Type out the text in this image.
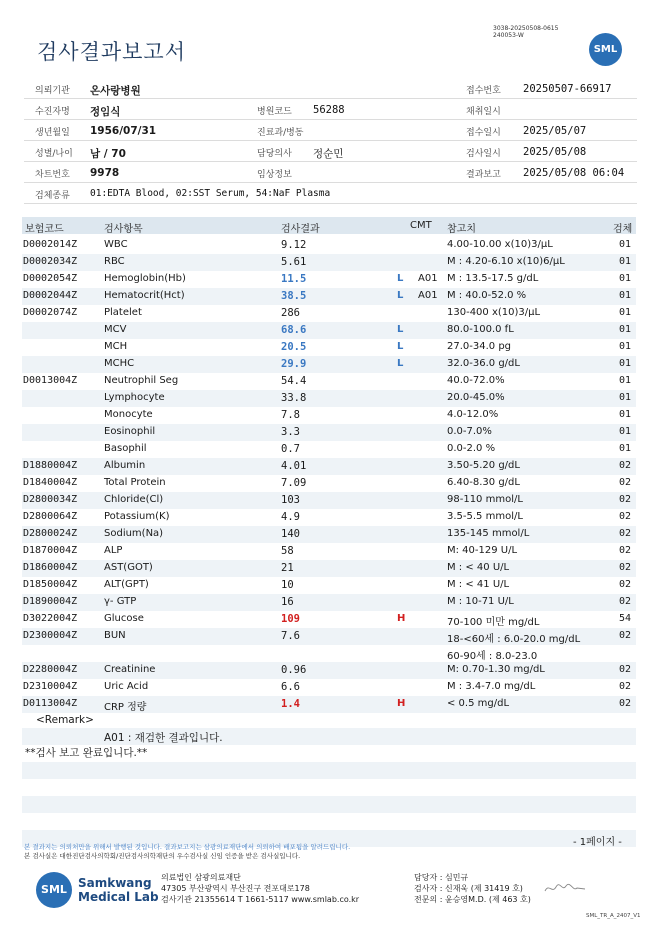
검사결과보고서
3038-20250508-0615
240053-W
SML
의뢰기관 온사랑병원	접수번호 20250507-66917
수진자명 정임식	병원코드 56288	채취일시
생년월일 1956/07/31	진료과/병동	접수일시 2025/05/07
성별/나이 남 / 70	담당의사 정순민	검사일시 2025/05/08
차트번호 9978	임상정보	결과보고 2025/05/08 06:04
검체종류 01:EDTA Blood, 02:SST Serum, 54:NaF Plasma
보험코드	검사항목	검사결과	CMT 참고치	검체
D0002014Z	WBC	9.12	4.00-10.00 x(10)3/μL	01
D0002034Z	RBC	5.61	M : 4.20-6.10 x(10)6/μL	01
D0002054Z	Hemoglobin(Hb)	11.5	L A01 M : 13.5-17.5 g/dL	01
D0002044Z	Hematocrit(Hct)	38.5	L A01 M : 40.0-52.0 %	01
D0002074Z	Platelet	286	130-400 x(10)3/μL	01
MCV	68.6	L	80.0-100.0 fL	01
MCH	20.5	L	27.0-34.0 pg	01
MCHC	29.9	L	32.0-36.0 g/dL	01
D0013004Z	Neutrophil Seg	54.4	40.0-72.0%	01
Lymphocyte	33.8	20.0-45.0%	01
Monocyte	7.8	4.0-12.0%	01
Eosinophil	3.3	0.0-7.0%	01
Basophil	0.7	0.0-2.0 %	01
D1880004Z	Albumin	4.01	3.50-5.20 g/dL	02
D1840004Z	Total Protein	7.09	6.40-8.30 g/dL	02
D2800034Z	Chloride(Cl)	103	98-110 mmol/L	02
D2800064Z	Potassium(K)	4.9	3.5-5.5 mmol/L	02
D2800024Z	Sodium(Na)	140	135-145 mmol/L	02
D1870004Z	ALP	58	M: 40-129 U/L	02
D1860004Z	AST(GOT)	21	M : < 40 U/L	02
D1850004Z	ALT(GPT)	10	M : < 41 U/L	02
D1890004Z	γ- GTP	16	M : 10-71 U/L	02
D3022004Z	Glucose	109	H	70-100 미만 mg/dL	54
D2300004Z	BUN	7.6	18-<60세 : 6.0-20.0 mg/dL	02
60-90세 : 8.0-23.0
D2280004Z	Creatinine	0.96	M: 0.70-1.30 mg/dL	02
D2310004Z	Uric Acid	6.6	M : 3.4-7.0 mg/dL	02
D0113004Z	CRP 정량	1.4	H	< 0.5 mg/dL	02
<Remark>
A01 : 재검한 결과입니다.
**검사 보고 완료입니다.**
본 결과지는 의뢰처만을 위해서 발행된 것입니다. 결과보고지는 삼광의료재단에서 의뢰하여 배포됨을 알려드립니다.
본 검사실은 대한진단검사의학회/진단검사의학재단의 우수검사실 신임 인증을 받은 검사실입니다.
- 1페이지 -
SML Samkwang
Medical Lab
의료법인 삼광의료재단
47305 부산광역시 부산진구 전포대로178
검사기관 21355614 T 1661-5117 www.smlab.co.kr
담당자 : 심민규
검사자 : 신재욱 (제 31419 호)
전문의 : 윤승영M.D. (제 463 호)
SML_TR_A_2407_V1
